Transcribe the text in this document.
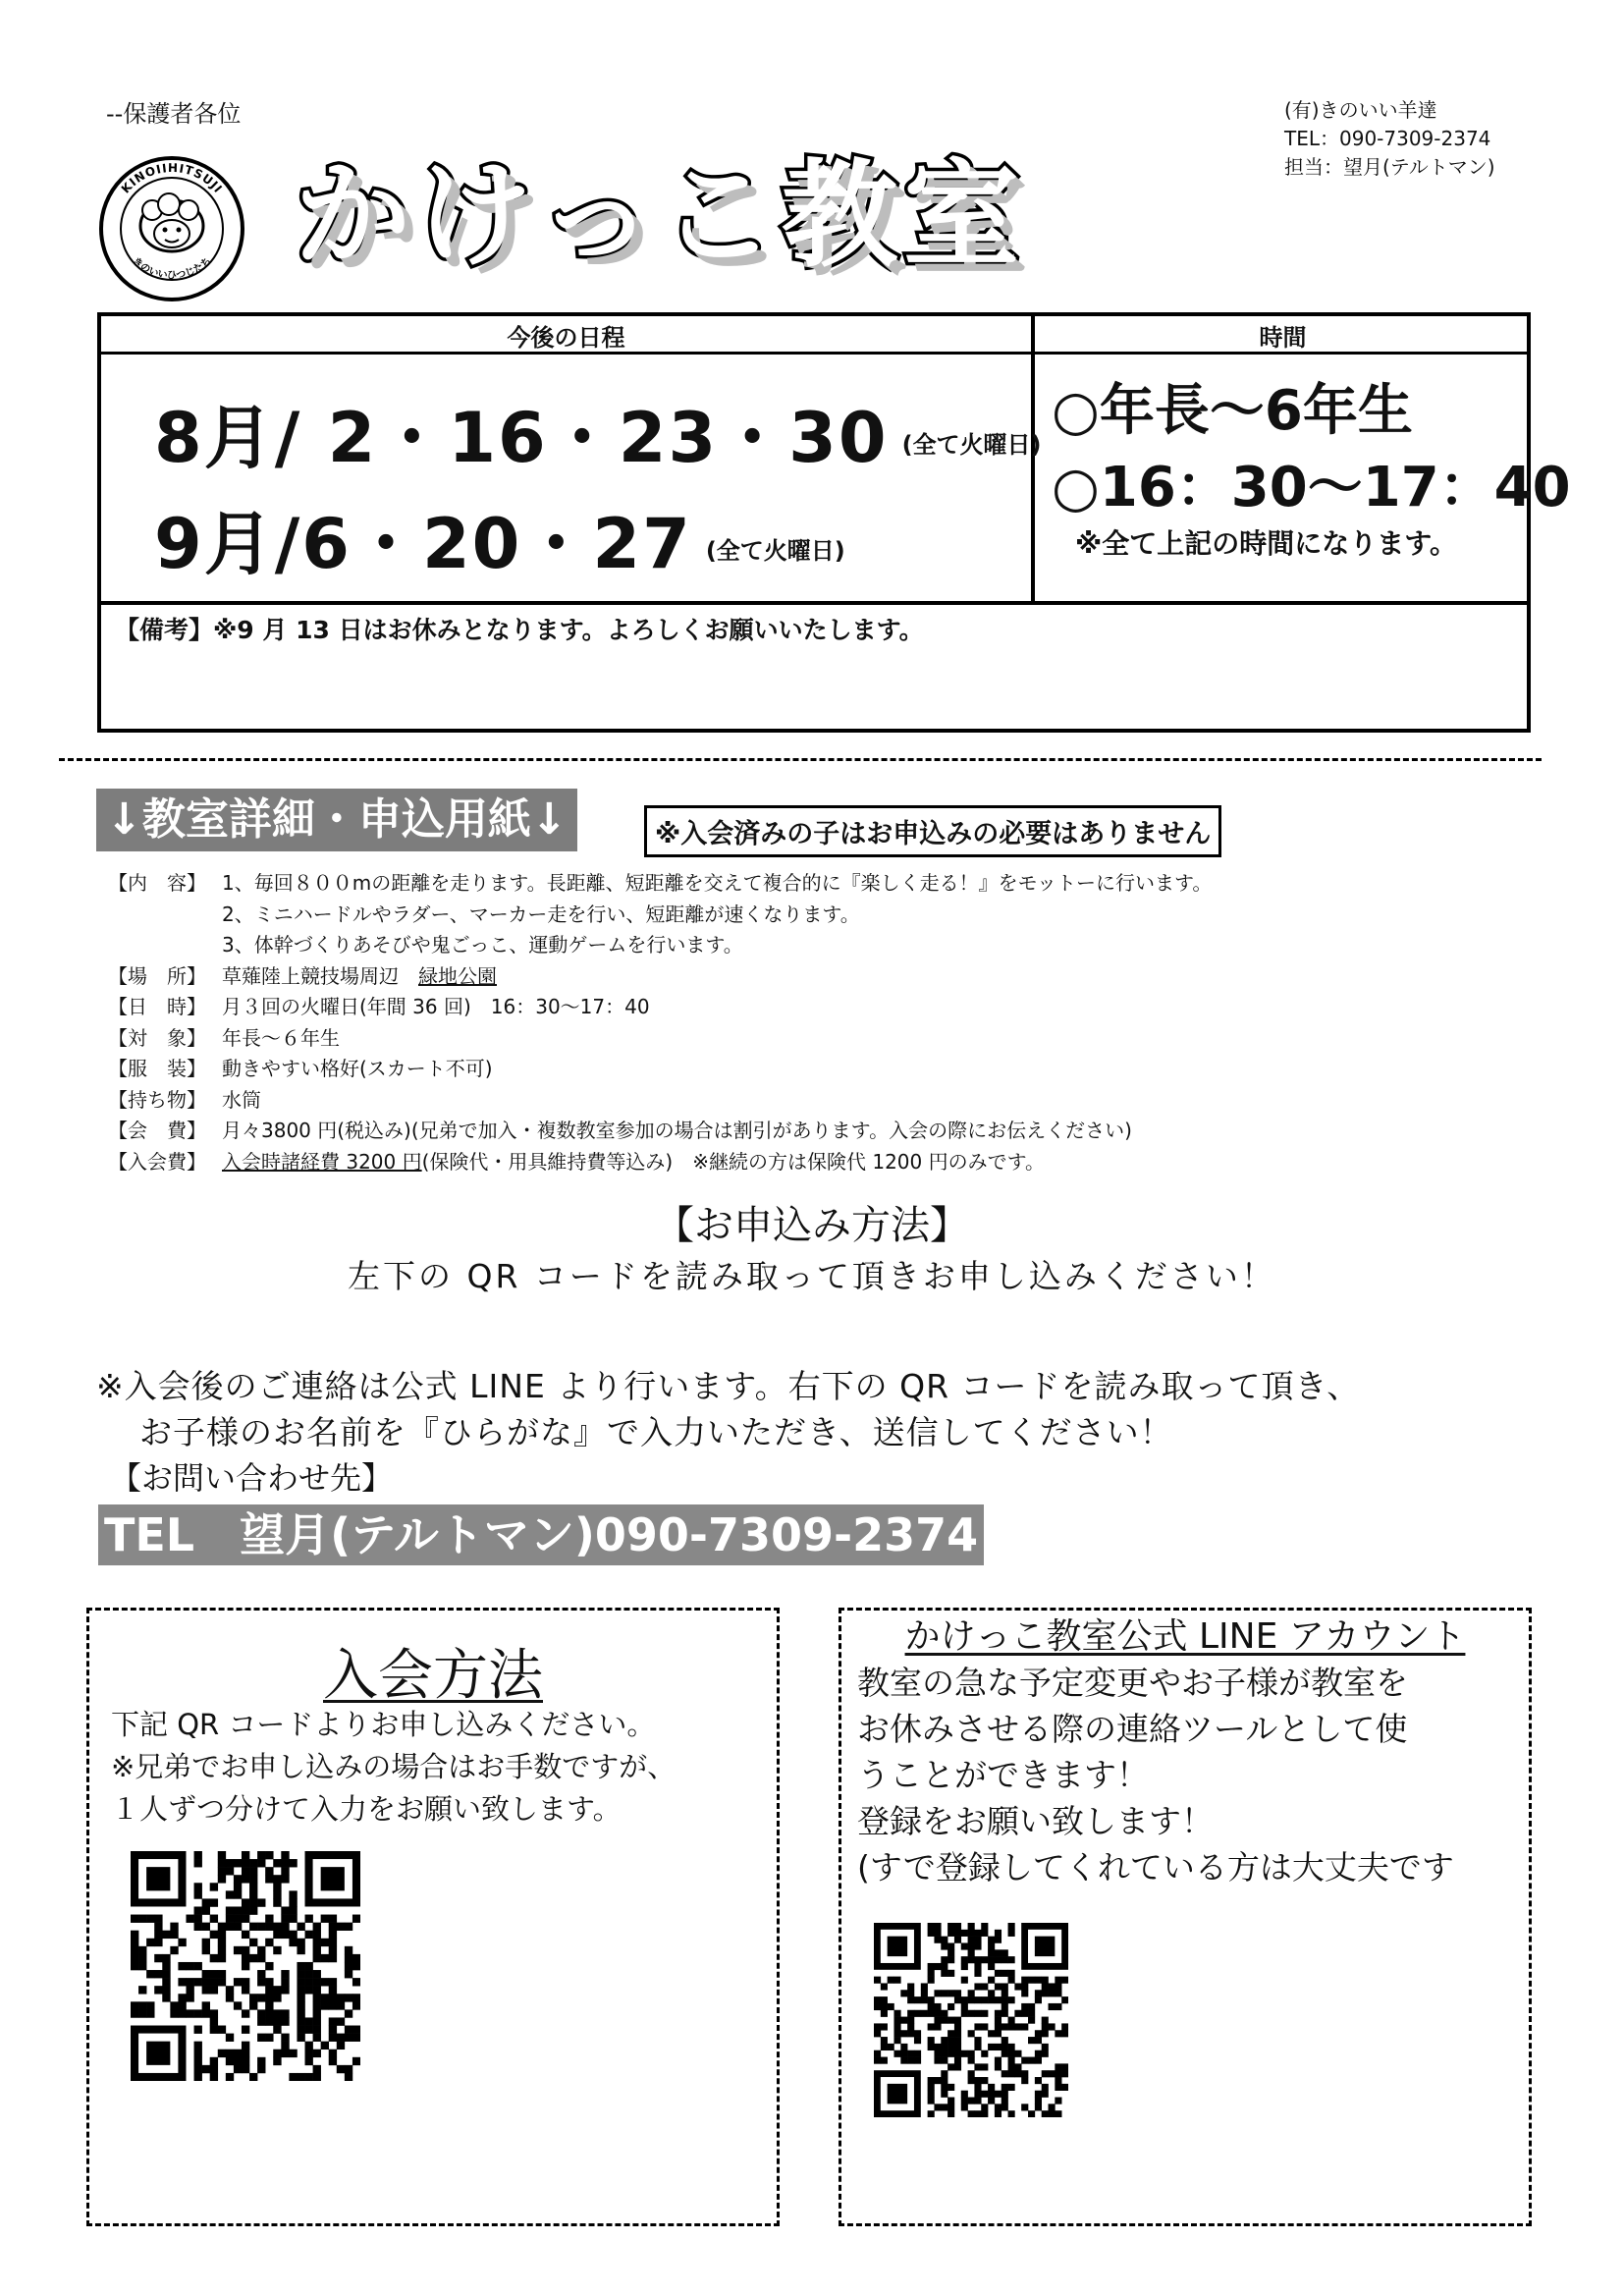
--保護者各位	(有)きのいい羊達
TEL：090-7309-2374
担当：望月(テルトマン)
KINOIIHITSUJI
きのいいひつじたち かけっこ教室
今後の日程	時間
8月/ 2・16・23・30 (全て火曜日)
9月/6・20・27 (全て火曜日)
○年長～6年生
○16：30～17：40
※全て上記の時間になります。
【備考】※9 月 13 日はお休みとなります。よろしくお願いいたします。
↓教室詳細・申込用紙↓	※入会済みの子はお申込みの必要はありません
【内　容】 1、毎回８００mの距離を走ります。長距離、短距離を交えて複合的に『楽しく走る！』をモットーに行います。
2、ミニハードルやラダー、マーカー走を行い、短距離が速くなります。
3、体幹づくりあそびや鬼ごっこ、運動ゲームを行います。
【場　所】 草薙陸上競技場周辺　緑地公園
【日　時】 月３回の火曜日(年間 36 回)　16：30～17：40
【対　象】 年長～６年生
【服　装】 動きやすい格好(スカート不可)
【持ち物】 水筒
【会　費】 月々3800 円(税込み)(兄弟で加入・複数教室参加の場合は割引があります。入会の際にお伝えください)
【入会費】 入会時諸経費 3200 円(保険代・用具維持費等込み)　※継続の方は保険代 1200 円のみです。
【お申込み方法】
左下の QR コードを読み取って頂きお申し込みください！
※入会後のご連絡は公式 LINE より行います。右下の QR コードを読み取って頂き、
お子様のお名前を『ひらがな』で入力いただき、送信してください！
【お問い合わせ先】
TEL　望月(テルトマン)090-7309-2374
入会方法
下記 QR コードよりお申し込みください。
※兄弟でお申し込みの場合はお手数ですが、
１人ずつ分けて入力をお願い致します。
かけっこ教室公式 LINE アカウント
教室の急な予定変更やお子様が教室を
お休みさせる際の連絡ツールとして使
うことができます！
登録をお願い致します！
(すで登録してくれている方は大丈夫です
